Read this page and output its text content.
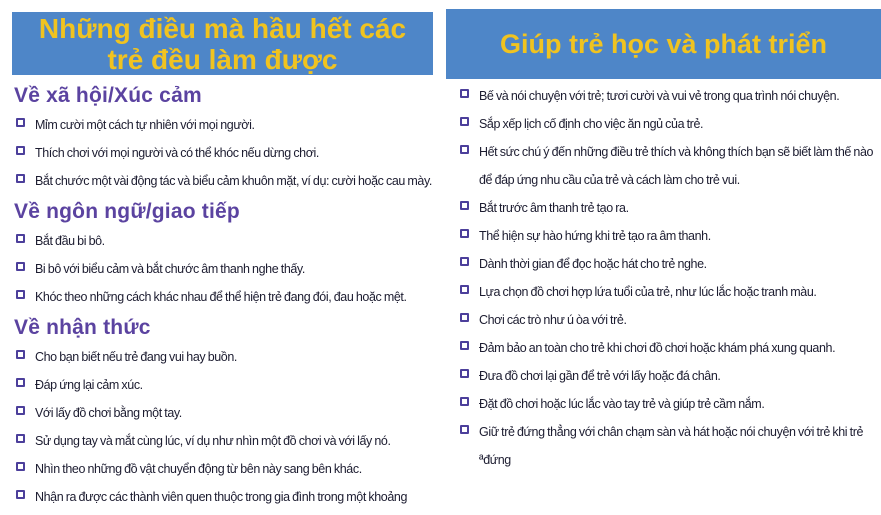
Những điều mà hầu hết các
trẻ đều làm được	Giúp trẻ học và phát triển
Về xã hội/Xúc cảm
Mỉm cười một cách tự nhiên với mọi người.
Thích chơi với mọi người và có thể khóc nếu dừng chơi.
Bắt chước một vài động tác và biểu cảm khuôn mặt, ví dụ: cười hoặc cau mày.
Về ngôn ngữ/giao tiếp
Bắt đầu bi bô.
Bi bô với biểu cảm và bắt chước âm thanh nghe thấy.
Khóc theo những cách khác nhau để thể hiện trẻ đang đói, đau hoặc mệt.
Về nhận thức
Cho bạn biết nếu trẻ đang vui hay buồn.
Đáp ứng lại cảm xúc.
Với lấy đồ chơi bằng một tay.
Sử dụng tay và mắt cùng lúc, ví dụ như nhìn một đồ chơi và với lấy nó.
Nhìn theo những đồ vật chuyển động từ bên này sang bên khác.
Nhận ra được các thành viên quen thuộc trong gia đình trong một khoảng
Bế và nói chuyện với trẻ; tươi cười và vui vẻ trong qua trình nói chuyện.
Sắp xếp lịch cố định cho việc ăn ngủ của trẻ.
Hết sức chú ý đến những điều trẻ thích và không thích bạn sẽ biết làm thế nào để đáp ứng nhu cầu của trẻ và cách làm cho trẻ vui.
Bắt trước âm thanh trẻ tạo ra.
Thể hiện sự hào hứng khi trẻ tạo ra âm thanh.
Dành thời gian để đọc hoặc hát cho trẻ nghe.
Lựa chọn đồ chơi hợp lứa tuổi của trẻ, như lúc lắc hoặc tranh màu.
Chơi các trò như ú òa với trẻ.
Đảm bảo an toàn cho trẻ khi chơi đồ chơi hoặc khám phá xung quanh.
Đưa đồ chơi lại gần để trẻ với lấy hoặc đá chân.
Đặt đồ chơi hoặc lúc lắc vào tay trẻ và giúp trẻ cầm nắm.
Giữ trẻ đứng thẳng với chân chạm sàn và hát hoặc nói chuyện với trẻ khi trẻ ªđứng
